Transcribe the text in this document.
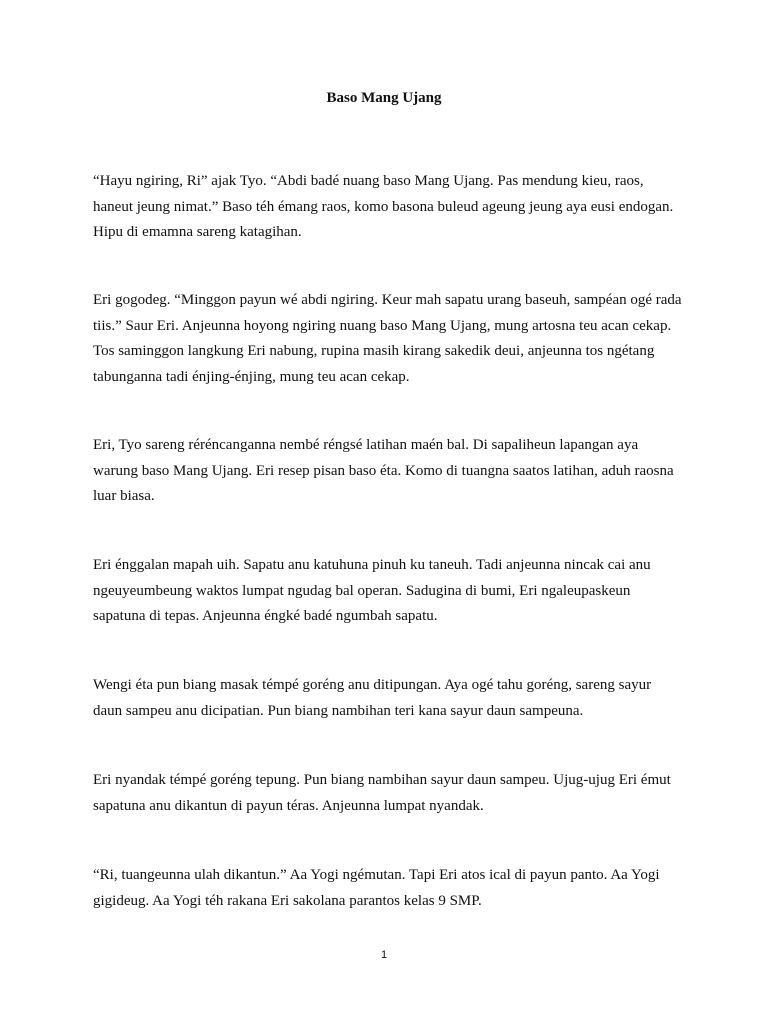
Baso Mang Ujang

“Hayu ngiring, Ri” ajak Tyo. “Abdi badé nuang baso Mang Ujang. Pas mendung kieu, raos, haneut jeung nimat.” Baso téh émang raos, komo basona buleud ageung jeung aya eusi endogan. Hipu di emamna sareng katagihan.

Eri gogodeg. “Minggon payun wé abdi ngiring. Keur mah sapatu urang baseuh, sampéan ogé rada tiis.” Saur Eri. Anjeunna hoyong ngiring nuang baso Mang Ujang, mung artosna teu acan cekap. Tos saminggon langkung Eri nabung, rupina masih kirang sakedik deui, anjeunna tos ngétang tabunganna tadi énjing-énjing, mung teu acan cekap.

Eri, Tyo sareng réréncanganna nembé réngsé latihan maén bal. Di sapaliheun lapangan aya warung baso Mang Ujang. Eri resep pisan baso éta. Komo di tuangna saatos latihan, aduh raosna luar biasa.

Eri énggalan mapah uih. Sapatu anu katuhuna pinuh ku taneuh. Tadi anjeunna nincak cai anu ngeuyeumbeung waktos lumpat ngudag bal operan. Sadugina di bumi, Eri ngaleupaskeun sapatuna di tepas. Anjeunna éngké badé ngumbah sapatu.

Wengi éta pun biang masak témpé goréng anu ditipungan. Aya ogé tahu goréng, sareng sayur daun sampeu anu dicipatian. Pun biang nambihan teri kana sayur daun sampeuna.

Eri nyandak témpé goréng tepung. Pun biang nambihan sayur daun sampeu. Ujug-ujug Eri émut sapatuna anu dikantun di payun téras. Anjeunna lumpat nyandak.

“Ri, tuangeunna ulah dikantun.” Aa Yogi ngémutan. Tapi Eri atos ical di payun panto. Aa Yogi gigideug. Aa Yogi téh rakana Eri sakolana parantos kelas 9 SMP.

1
